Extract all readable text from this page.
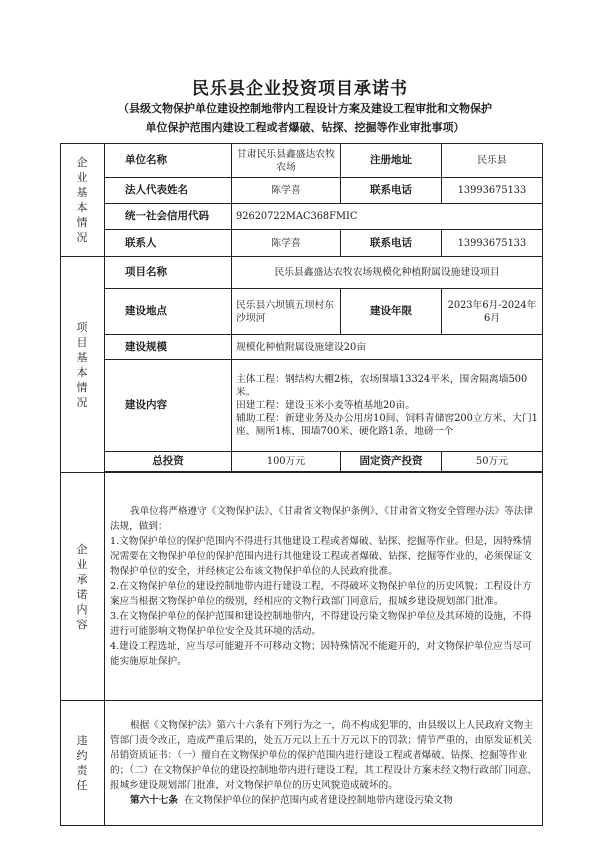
民乐县企业投资项目承诺书
（县级文物保护单位建设控制地带内工程设计方案及建设工程审批和文物保护
单位保护范围内建设工程或者爆破、钻探、挖掘等作业审批事项）
企业基本情况	单位名称	甘肃民乐县鑫盛达农牧农场	注册地址	民乐县
	法人代表姓名	陈学喜	联系电话	13993675133
	统一社会信用代码	92620722MAC368FMIC		
	联系人	陈学喜	联系电话	13993675133

项目基本情况	项目名称	民乐县鑫盛达农牧农场规模化种植附属设施建设项目		
	建设地点	民乐县六坝镇五坝村东沙坝河	建设年限	2023年6月-2024年6月
	建设规模	规模化种植附属设施建设20亩		
	建设内容	主体工程：钢结构大棚2栋，农场围墙13324平米，围舍隔离墙500米。
田建工程：建设玉米小麦等植基地20亩。
辅助工程：新建业务及办公用房10间、饲料青储窖200立方米、大门1座、厕所1栋、围墙700米、硬化路1条，地磅一个		

	总投资	100万元	固定资产投资	50万元

企业承诺内容	我单位将严格遵守《文物保护法》、《甘肃省文物保护条例》、《甘肃省文物安全管理办法》等法律法规，做到：

1.文物保护单位的保护范围内不得进行其他建设工程或者爆破、钻探、挖掘等作业。但是，因特殊情况需要在文物保护单位的保护范围内进行其他建设工程或者爆破、钻探、挖掘等作业的，必须保证文物保护单位的安全，并经核定公布该文物保护单位的人民政府批准。

2.在文物保护单位的建设控制地带内进行建设工程，不得破坏文物保护单位的历史风貌；工程设计方案应当根据文物保护单位的级别，经相应的文物行政部门同意后，报城乡建设规划部门批准。

3.在文物保护单位的保护范围和建设控制地带内，不得建设污染文物保护单位及其环境的设施，不得进行可能影响文物保护单位安全及其环境的活动。

4.建设工程选址，应当尽可能避开不可移动文物；因特殊情况不能避开的，对文物保护单位应当尽可能实施原址保护。			

违约责任	根据《文物保护法》第六十六条有下列行为之一，尚不构成犯罪的，由县级以上人民政府文物主管部门责令改正，造成严重后果的，处五万元以上五十万元以下的罚款；情节严重的，由原发证机关吊销资质证书：（一）擅自在文物保护单位的保护范围内进行建设工程或者爆破、钻探、挖掘等作业的；（二）在文物保护单位的建设控制地带内进行建设工程，其工程设计方案未经文物行政部门同意、报城乡建设规划部门批准，对文物保护单位的历史风貌造成破坏的。

第六十七条 在文物保护单位的保护范围内或者建设控制地带内建设污染文物			
